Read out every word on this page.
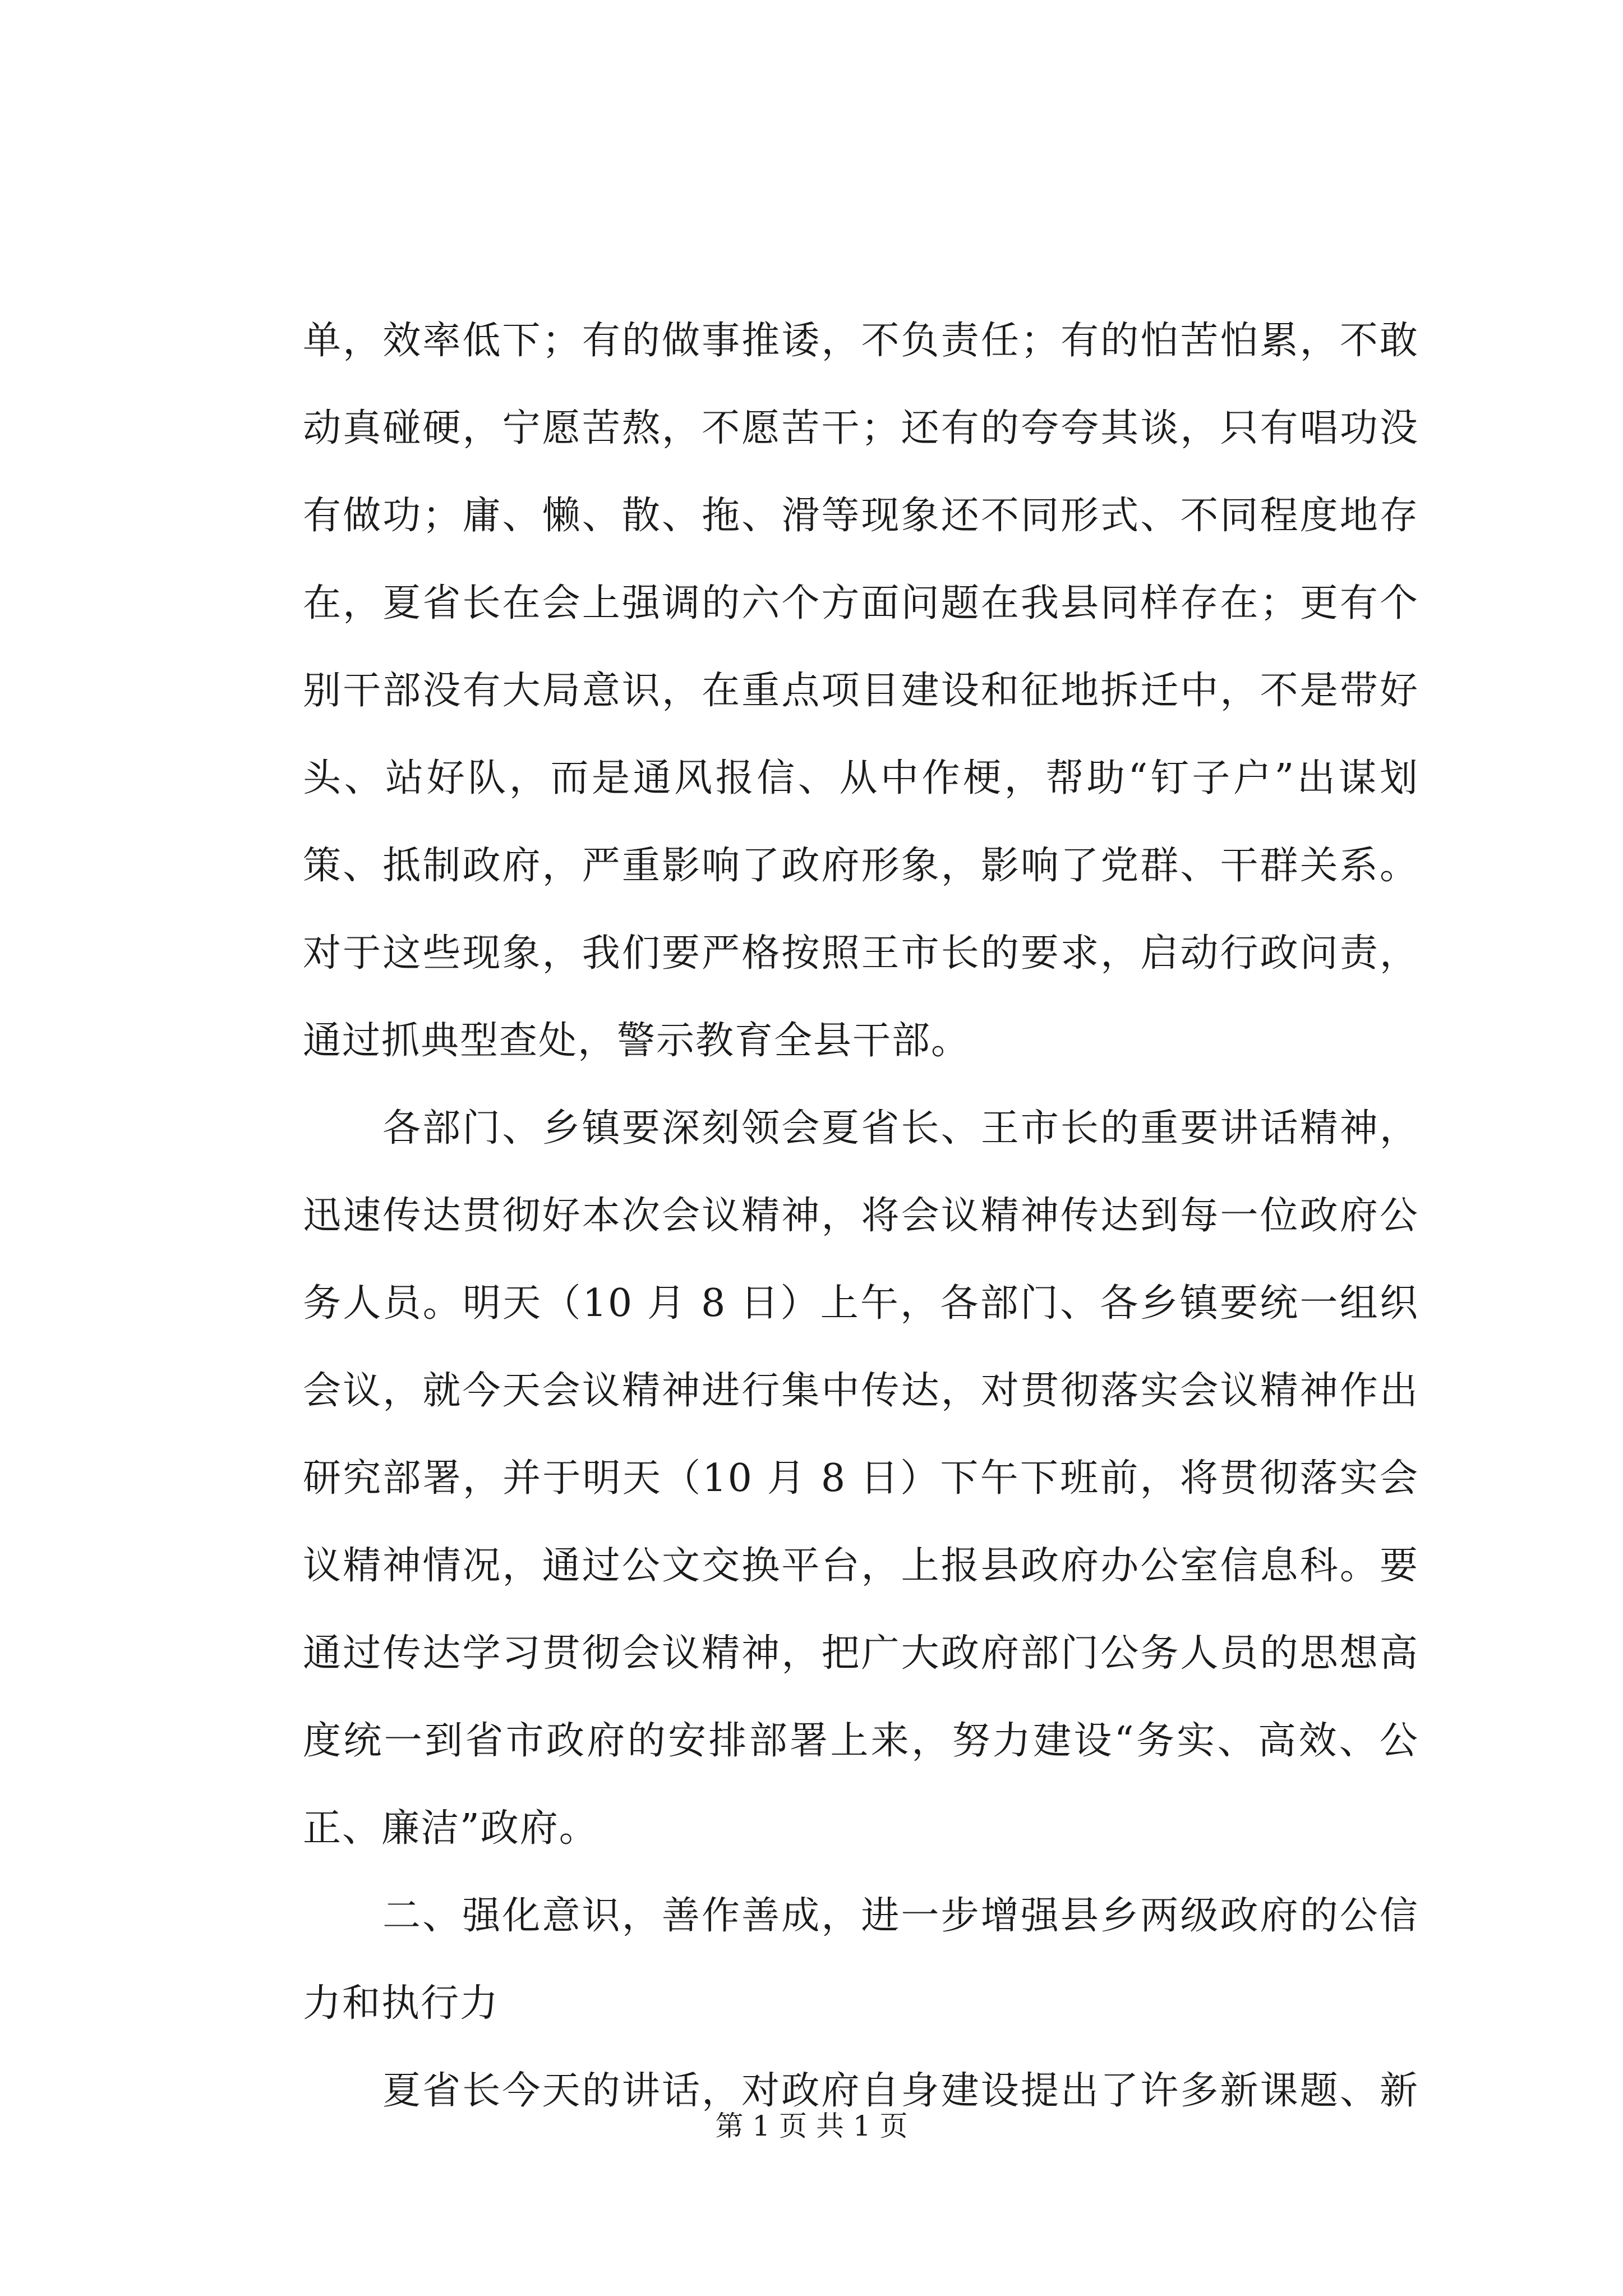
单，效率低下；有的做事推诿，不负责任；有的怕苦怕累，不敢
动真碰硬，宁愿苦熬，不愿苦干；还有的夸夸其谈，只有唱功没
有做功；庸、懒、散、拖、滑等现象还不同形式、不同程度地存
在，夏省长在会上强调的六个方面问题在我县同样存在；更有个
别干部没有大局意识，在重点项目建设和征地拆迁中，不是带好
头、站好队，而是通风报信、从中作梗，帮助“钉子户”出谋划
策、抵制政府，严重影响了政府形象，影响了党群、干群关系。
对于这些现象，我们要严格按照王市长的要求，启动行政问责，
通过抓典型查处，警示教育全县干部。
各部门、乡镇要深刻领会夏省长、王市长的重要讲话精神，
迅速传达贯彻好本次会议精神，将会议精神传达到每一位政府公
务人员。明天（10 月 8 日）上午，各部门、各乡镇要统一组织
会议，就今天会议精神进行集中传达，对贯彻落实会议精神作出
研究部署，并于明天（10 月 8 日）下午下班前，将贯彻落实会
议精神情况，通过公文交换平台，上报县政府办公室信息科。要
通过传达学习贯彻会议精神，把广大政府部门公务人员的思想高
度统一到省市政府的安排部署上来，努力建设“务实、高效、公
正、廉洁”政府。
二、强化意识，善作善成，进一步增强县乡两级政府的公信
力和执行力
夏省长今天的讲话，对政府自身建设提出了许多新课题、新
第 1 页 共 1 页
